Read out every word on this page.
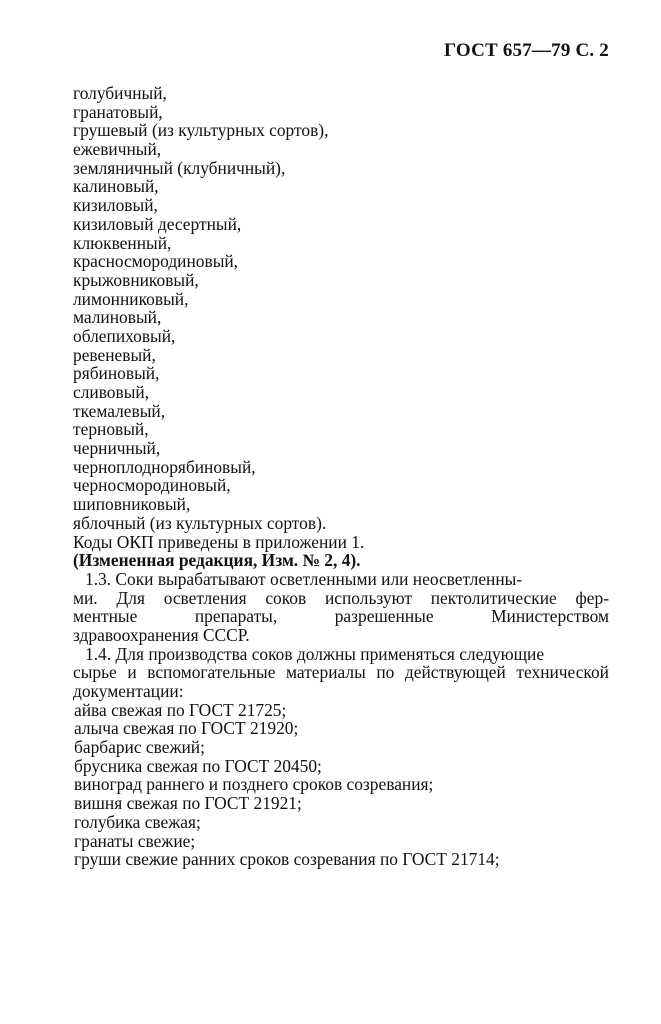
ГОСТ 657—79 С. 2
голубичный,
гранатовый,
грушевый (из культурных сортов),
ежевичный,
земляничный (клубничный),
калиновый,
кизиловый,
кизиловый десертный,
клюквенный,
красносмородиновый,
крыжовниковый,
лимонниковый,
малиновый,
облепиховый,
ревеневый,
рябиновый,
сливовый,
ткемалевый,
терновый,
черничный,
черноплоднорябиновый,
черносмородиновый,
шиповниковый,
яблочный (из культурных сортов).
Коды ОКП приведены в приложении 1.
(Измененная редакция, Изм. № 2, 4).
1.3. Соки вырабатывают осветленными или неосветленны-
ми. Для осветления соков используют пектолитические фер-
ментные	препараты,	разрешенные	Министерством
здравоохранения СССР.
1.4. Для производства соков должны применяться следующие
сырье и вспомогательные материалы по действующей технической
документации:
айва свежая по ГОСТ 21725;
алыча свежая по ГОСТ 21920;
барбарис свежий;
брусника свежая по ГОСТ 20450;
виноград раннего и позднего сроков созревания;
вишня свежая по ГОСТ 21921;
голубика свежая;
гранаты свежие;
груши свежие ранних сроков созревания по ГОСТ 21714;
